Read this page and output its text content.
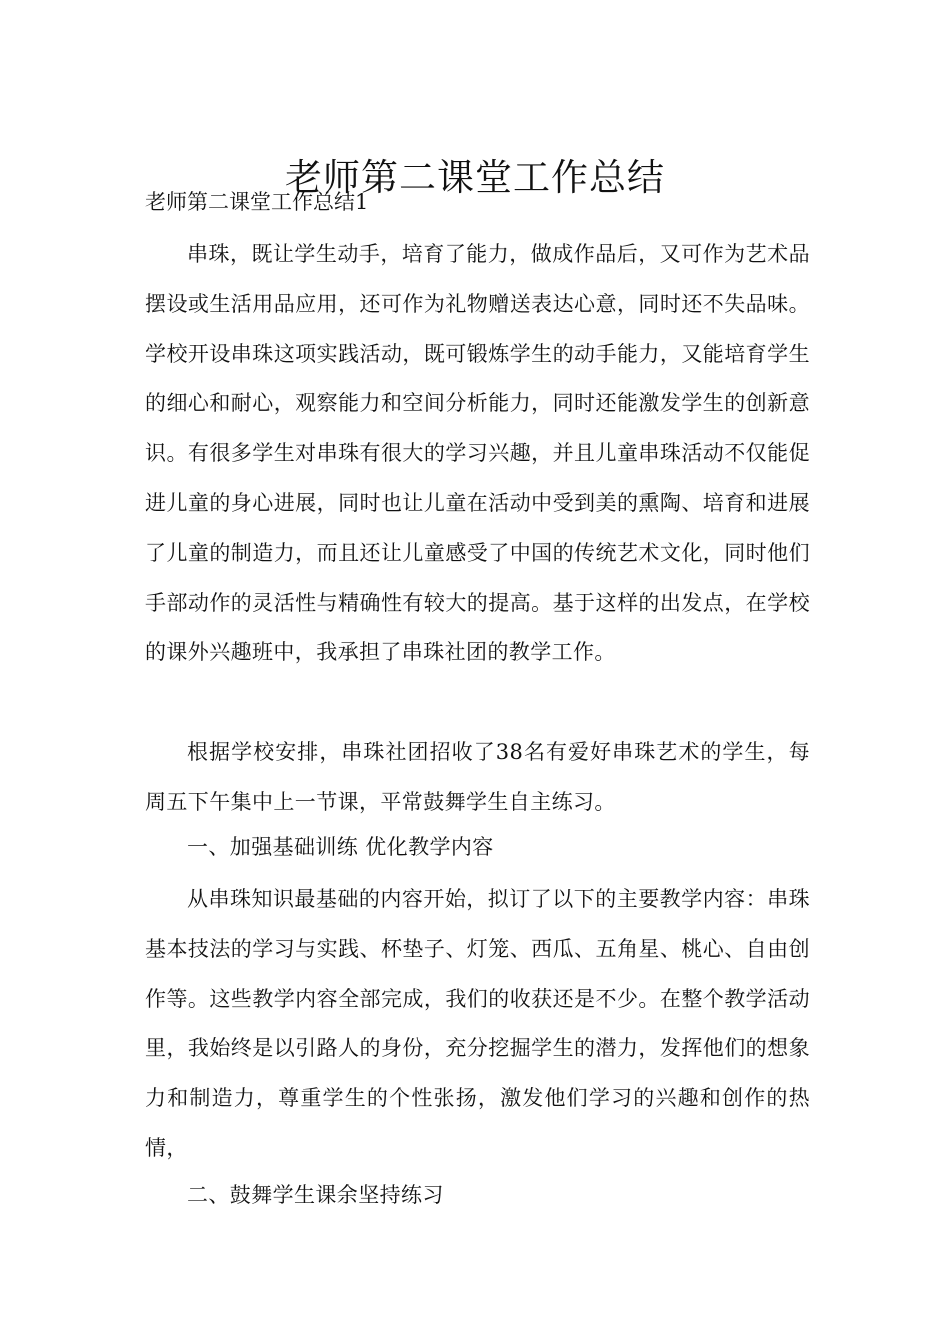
老师第二课堂工作总结
老师第二课堂工作总结1
串珠，既让学生动手，培育了能力，做成作品后，又可作为艺术品摆设或生活用品应用，还可作为礼物赠送表达心意，同时还不失品味。学校开设串珠这项实践活动，既可锻炼学生的动手能力，又能培育学生的细心和耐心，观察能力和空间分析能力，同时还能激发学生的创新意识。有很多学生对串珠有很大的学习兴趣，并且儿童串珠活动不仅能促进儿童的身心进展，同时也让儿童在活动中受到美的熏陶、培育和进展了儿童的制造力，而且还让儿童感受了中国的传统艺术文化，同时他们手部动作的灵活性与精确性有较大的提高。基于这样的出发点，在学校的课外兴趣班中，我承担了串珠社团的教学工作。
根据学校安排，串珠社团招收了38名有爱好串珠艺术的学生，每周五下午集中上一节课，平常鼓舞学生自主练习。
一、加强基础训练 优化教学内容
从串珠知识最基础的内容开始，拟订了以下的主要教学内容：串珠基本技法的学习与实践、杯垫子、灯笼、西瓜、五角星、桃心、自由创作等。这些教学内容全部完成，我们的收获还是不少。在整个教学活动里，我始终是以引路人的身份，充分挖掘学生的潜力，发挥他们的想象力和制造力，尊重学生的个性张扬，激发他们学习的兴趣和创作的热情，
二、鼓舞学生课余坚持练习
